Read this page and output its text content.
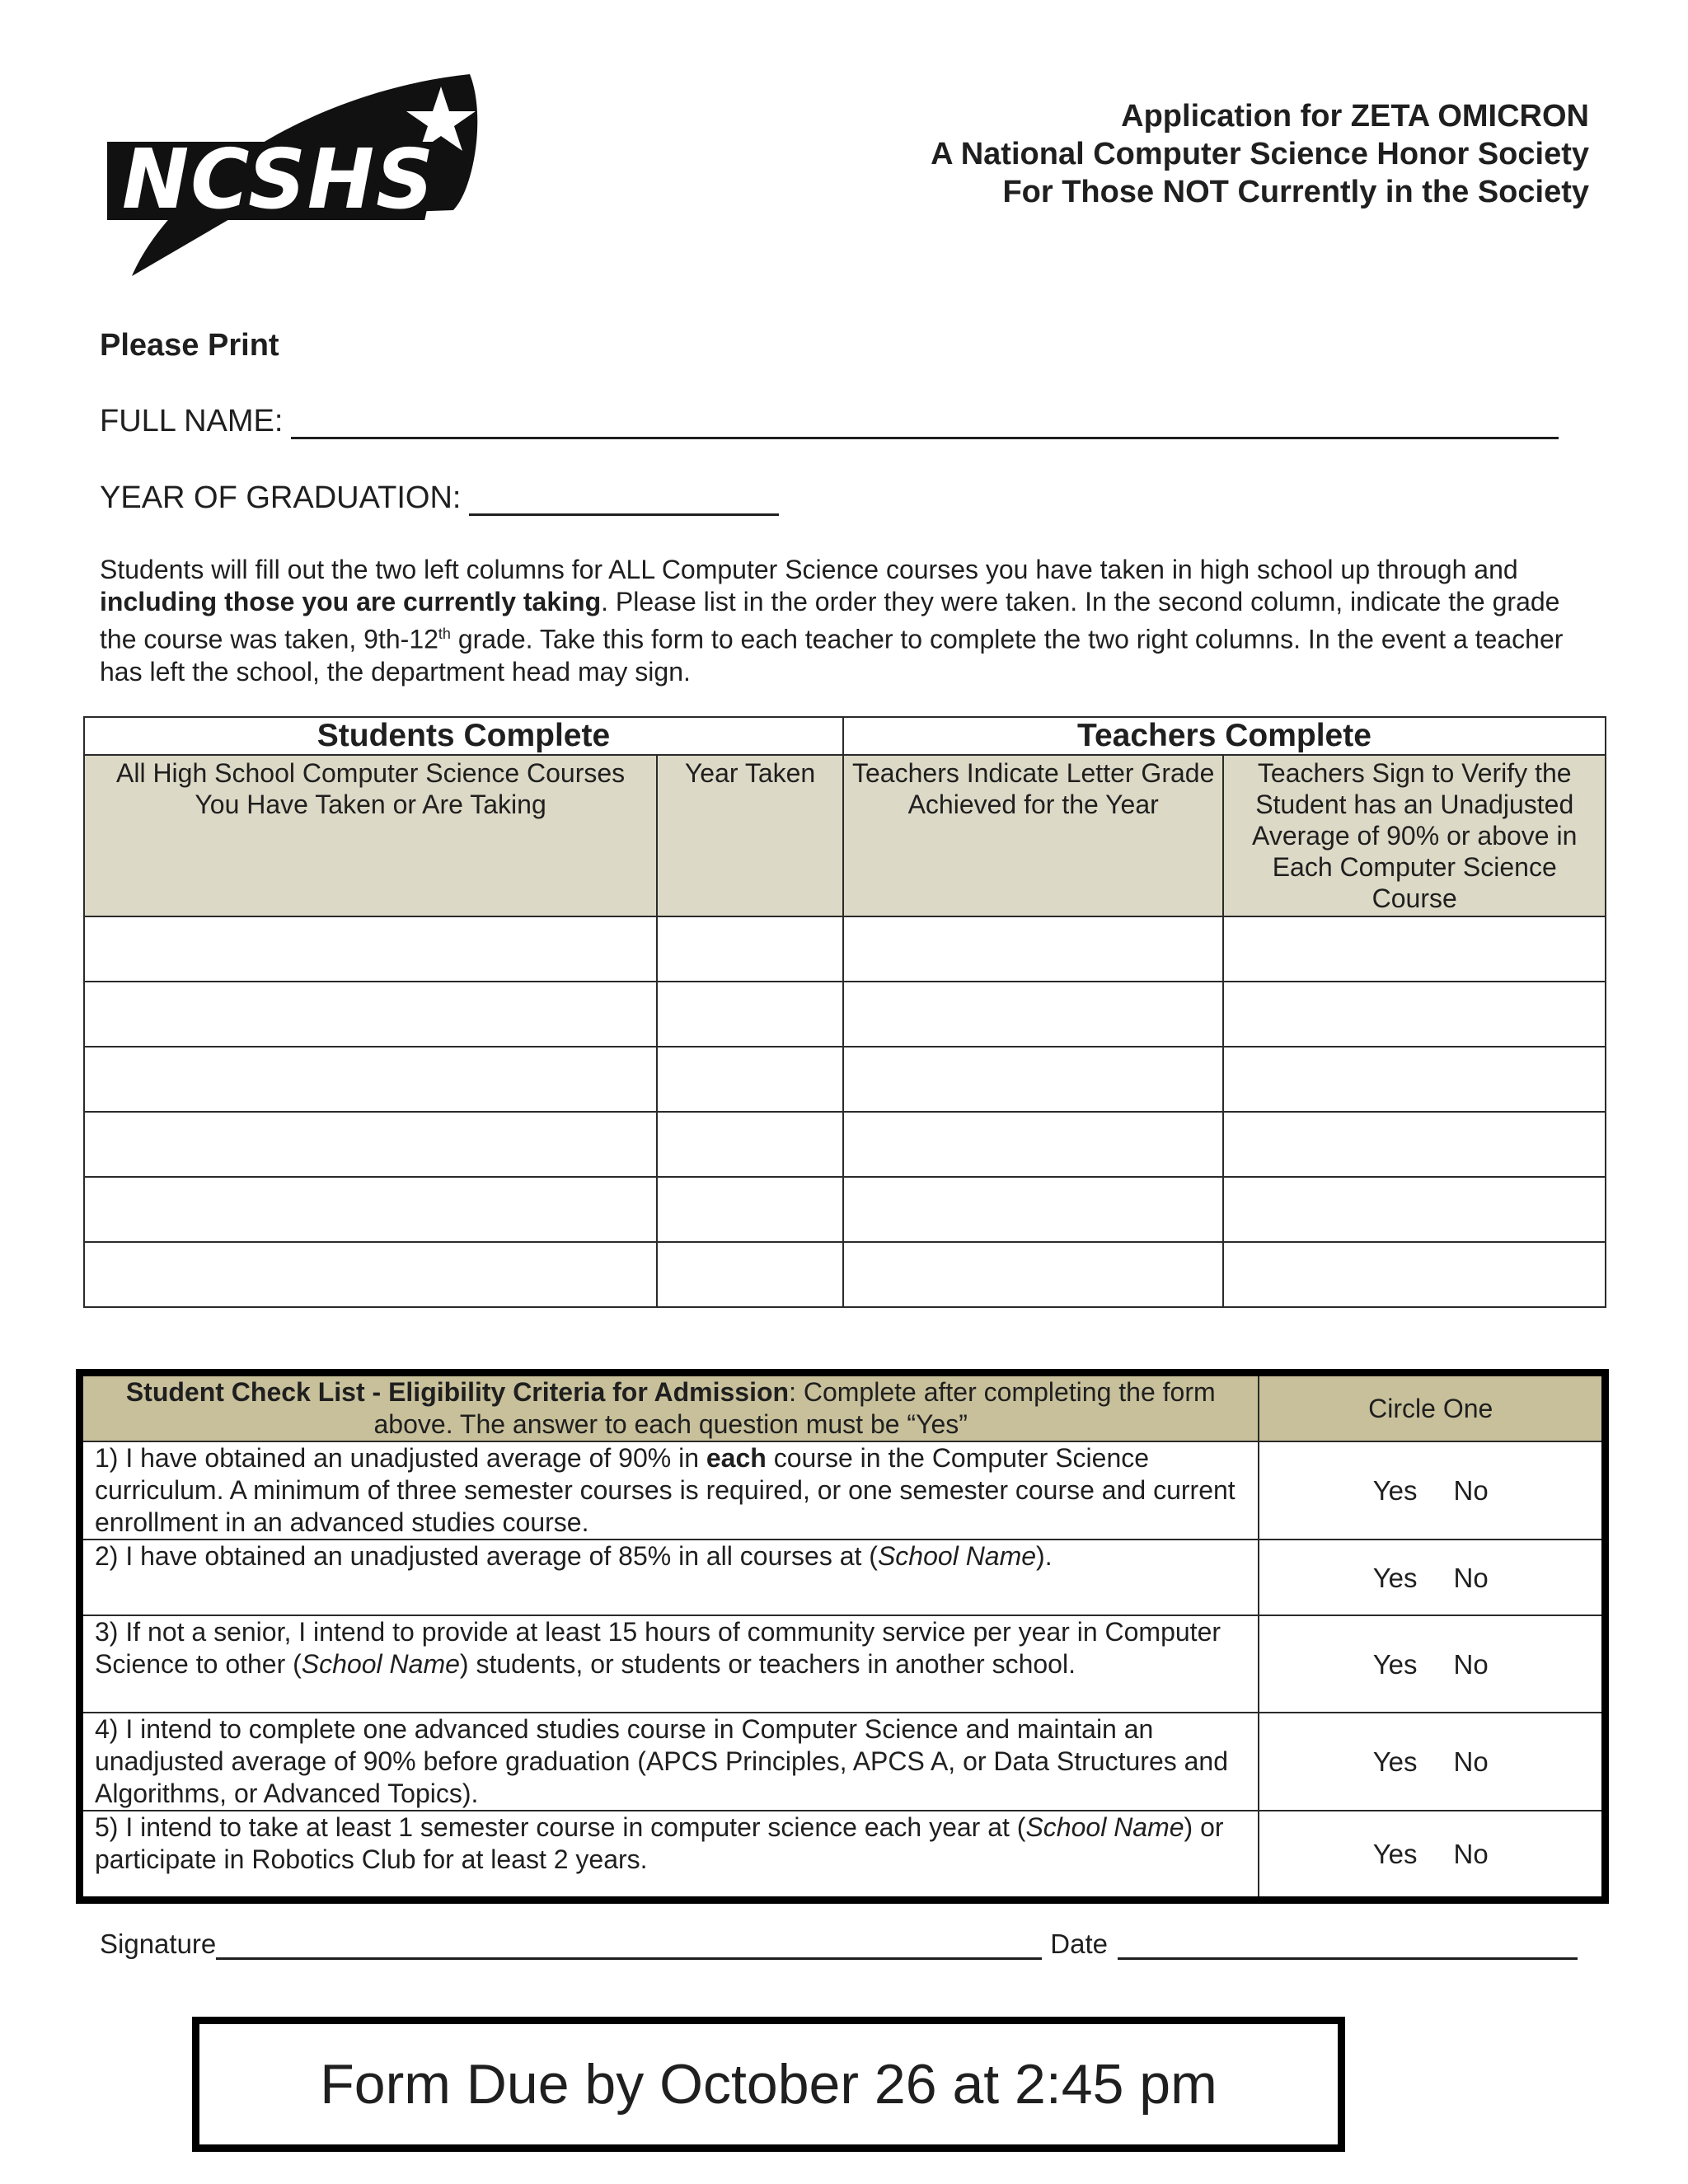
NCSHS
Application for ZETA OMICRON
A National Computer Science Honor Society
For Those NOT Currently in the Society
Please Print
FULL NAME:
YEAR OF GRADUATION:
Students will fill out the two left columns for ALL Computer Science courses you have taken in high school up through and including those you are currently taking. Please list in the order they were taken. In the second column, indicate the grade the course was taken, 9th-12th grade. Take this form to each teacher to complete the two right columns. In the event a teacher has left the school, the department head may sign.
Students Complete		Teachers Complete	
All High School Computer Science Courses You Have Taken or Are Taking	Year Taken	Teachers Indicate Letter Grade Achieved for the Year	Teachers Sign to Verify the Student has an Unadjusted Average of 90% or above in Each Computer Science Course

Student Check List - Eligibility Criteria for Admission: Complete after completing the form above. The answer to each question must be “Yes”	Circle One
1) I have obtained an unadjusted average of 90% in each course in the Computer Science curriculum. A minimum of three semester courses is required, or one semester course and current enrollment in an advanced studies course.	Yes No
2) I have obtained an unadjusted average of 85% in all courses at (School Name).	Yes No
3) If not a senior, I intend to provide at least 15 hours of community service per year in Computer Science to other (School Name) students, or students or teachers in another school.	Yes No
4) I intend to complete one advanced studies course in Computer Science and maintain an unadjusted average of 90% before graduation (APCS Principles, APCS A, or Data Structures and Algorithms, or Advanced Topics).	Yes No
5) I intend to take at least 1 semester course in computer science each year at (School Name) or participate in Robotics Club for at least 2 years.	Yes No
Signature	Date
Form Due by October 26 at 2:45 pm
